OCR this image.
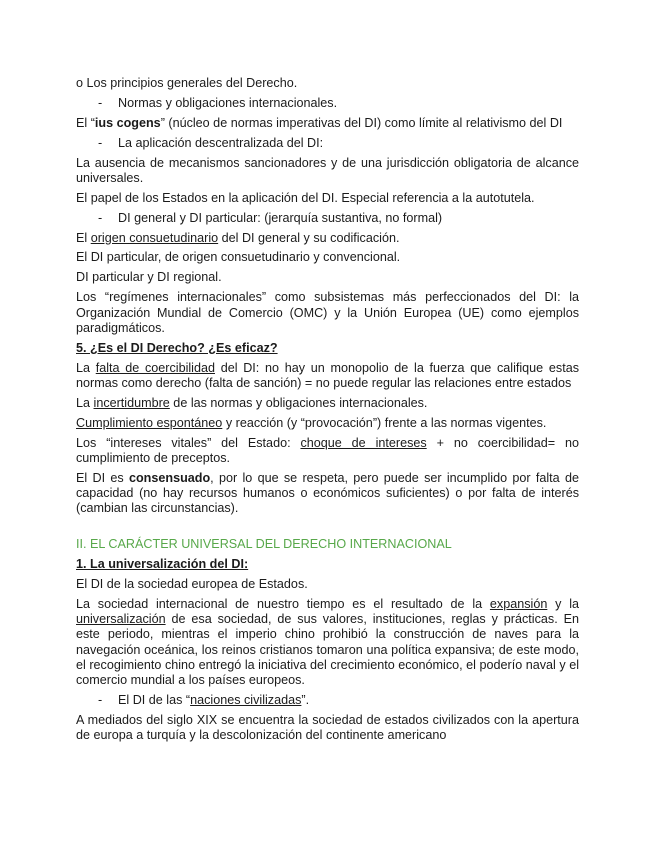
o Los principios generales del Derecho.

- Normas y obligaciones internacionales.

El “ius cogens” (núcleo de normas imperativas del DI) como límite al relativismo del DI

- La aplicación descentralizada del DI:

La ausencia de mecanismos sancionadores y de una jurisdicción obligatoria de alcance universales.

El papel de los Estados en la aplicación del DI. Especial referencia a la autotutela.

- DI general y DI particular: (jerarquía sustantiva, no formal)

El origen consuetudinario del DI general y su codificación.

El DI particular, de origen consuetudinario y convencional.

DI particular y DI regional.

Los “regímenes internacionales” como subsistemas más perfeccionados del DI: la Organización Mundial de Comercio (OMC) y la Unión Europea (UE) como ejemplos paradigmáticos.

5. ¿Es el DI Derecho? ¿Es eficaz?

La falta de coercibilidad del DI: no hay un monopolio de la fuerza que califique estas normas como derecho (falta de sanción) = no puede regular las relaciones entre estados

La incertidumbre de las normas y obligaciones internacionales.

Cumplimiento espontáneo y reacción (y “provocación”) frente a las normas vigentes.

Los “intereses vitales” del Estado: choque de intereses + no coercibilidad= no cumplimiento de preceptos.

El DI es consensuado, por lo que se respeta, pero puede ser incumplido por falta de capacidad (no hay recursos humanos o económicos suficientes) o por falta de interés (cambian las circunstancias).

II. EL CARÁCTER UNIVERSAL DEL DERECHO INTERNACIONAL

1. La universalización del DI:

El DI de la sociedad europea de Estados.

La sociedad internacional de nuestro tiempo es el resultado de la expansión y la universalización de esa sociedad, de sus valores, instituciones, reglas y prácticas. En este periodo, mientras el imperio chino prohibió la construcción de naves para la navegación oceánica, los reinos cristianos tomaron una política expansiva; de este modo, el recogimiento chino entregó la iniciativa del crecimiento económico, el poderío naval y el comercio mundial a los países europeos.

- El DI de las “naciones civilizadas”.

A mediados del siglo XIX se encuentra la sociedad de estados civilizados con la apertura de europa a turquía y la descolonización del continente americano
